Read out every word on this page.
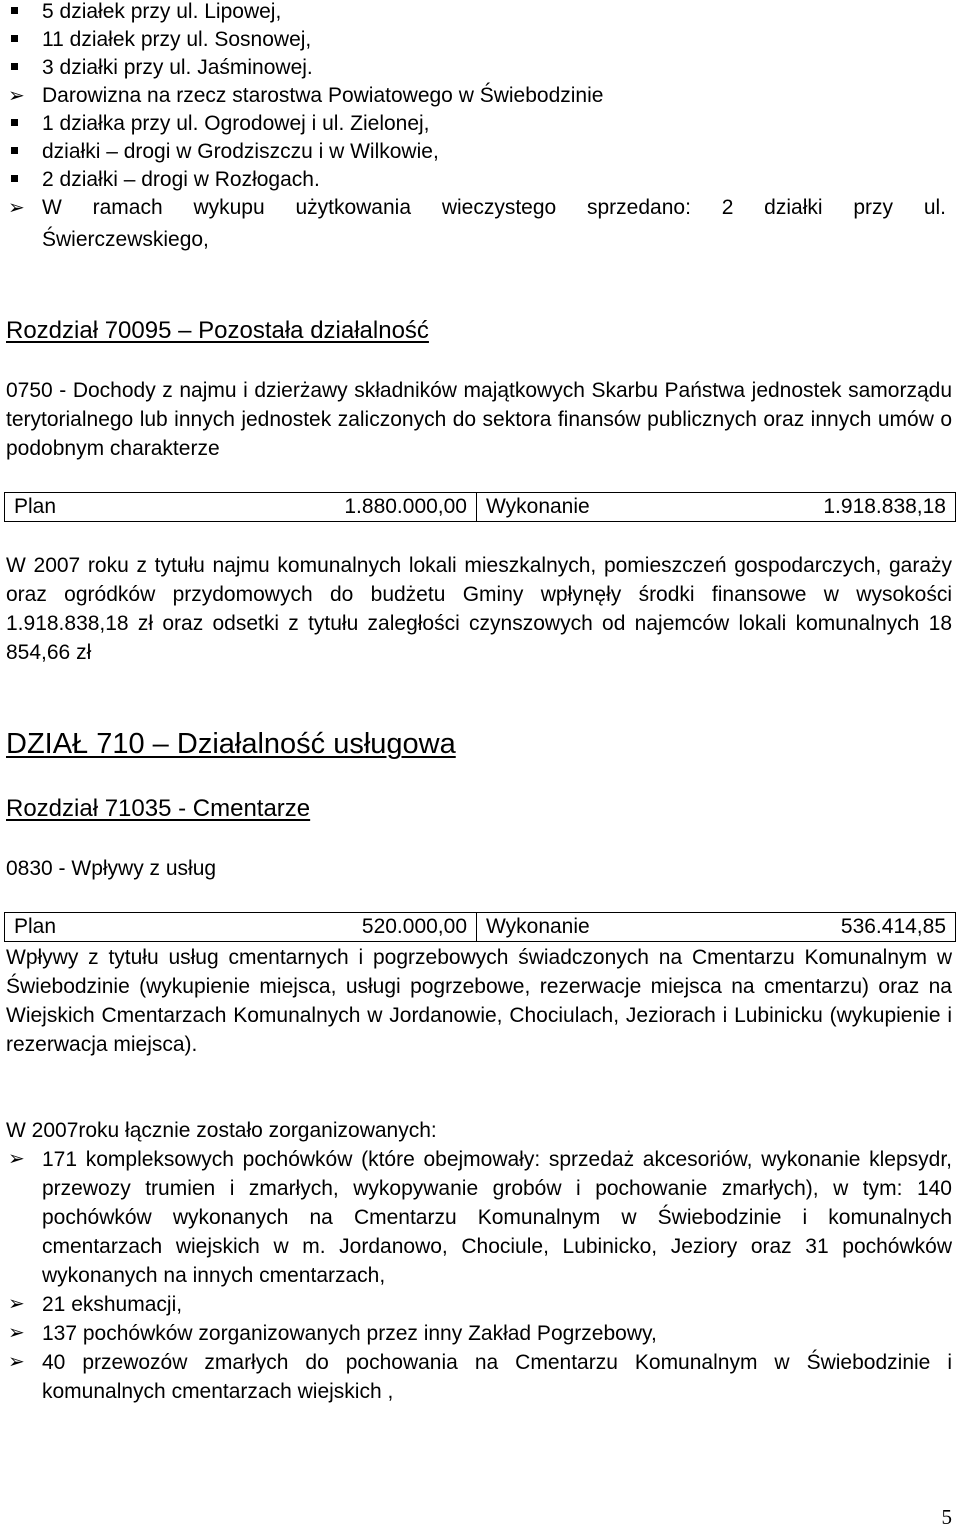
5 działek przy ul. Lipowej,
11 działek przy ul. Sosnowej,
3 działki przy ul. Jaśminowej.
➢ Darowizna na rzecz starostwa Powiatowego w Świebodzinie
1 działka przy ul. Ogrodowej i ul. Zielonej,
działki – drogi w Grodziszczu i w Wilkowie,
2 działki – drogi w Rozłogach.
➢ W ramach wykupu użytkowania wieczystego sprzedano: 2 działki przy ul.
Świerczewskiego,
Rozdział 70095 – Pozostała działalność
0750 - Dochody z najmu i dzierżawy składników majątkowych Skarbu Państwa jednostek samorządu terytorialnego lub innych jednostek zaliczonych do sektora finansów publicznych oraz innych umów o podobnym charakterze
Plan	1.880.000,00	Wykonanie	1.918.838,18
W 2007 roku z tytułu najmu komunalnych lokali mieszkalnych, pomieszczeń gospodarczych, garaży oraz ogródków przydomowych do budżetu Gminy wpłynęły środki finansowe w wysokości 1.918.838,18 zł oraz odsetki z tytułu zaległości czynszowych od najemców lokali komunalnych 18 854,66 zł
DZIAŁ 710 – Działalność usługowa
Rozdział 71035 - Cmentarze
0830 - Wpływy z usług
Plan	520.000,00	Wykonanie	536.414,85
Wpływy z tytułu usług cmentarnych i pogrzebowych świadczonych na Cmentarzu Komunalnym w Świebodzinie (wykupienie miejsca, usługi pogrzebowe, rezerwacje miejsca na cmentarzu) oraz na Wiejskich Cmentarzach Komunalnych w Jordanowie, Chociulach, Jeziorach i Lubinicku (wykupienie i rezerwacja miejsca).
W 2007roku łącznie zostało zorganizowanych:
➢ 171 kompleksowych pochówków (które obejmowały: sprzedaż akcesoriów, wykonanie klepsydr, przewozy trumien i zmarłych, wykopywanie grobów i pochowanie zmarłych), w tym: 140 pochówków wykonanych na Cmentarzu Komunalnym w Świebodzinie i komunalnych cmentarzach wiejskich w m. Jordanowo, Chociule, Lubinicko, Jeziory oraz 31 pochówków wykonanych na innych cmentarzach,
➢ 21 ekshumacji,
➢ 137 pochówków zorganizowanych przez inny Zakład Pogrzebowy,
➢ 40 przewozów zmarłych do pochowania na Cmentarzu Komunalnym w Świebodzinie i komunalnych cmentarzach wiejskich ,
5
